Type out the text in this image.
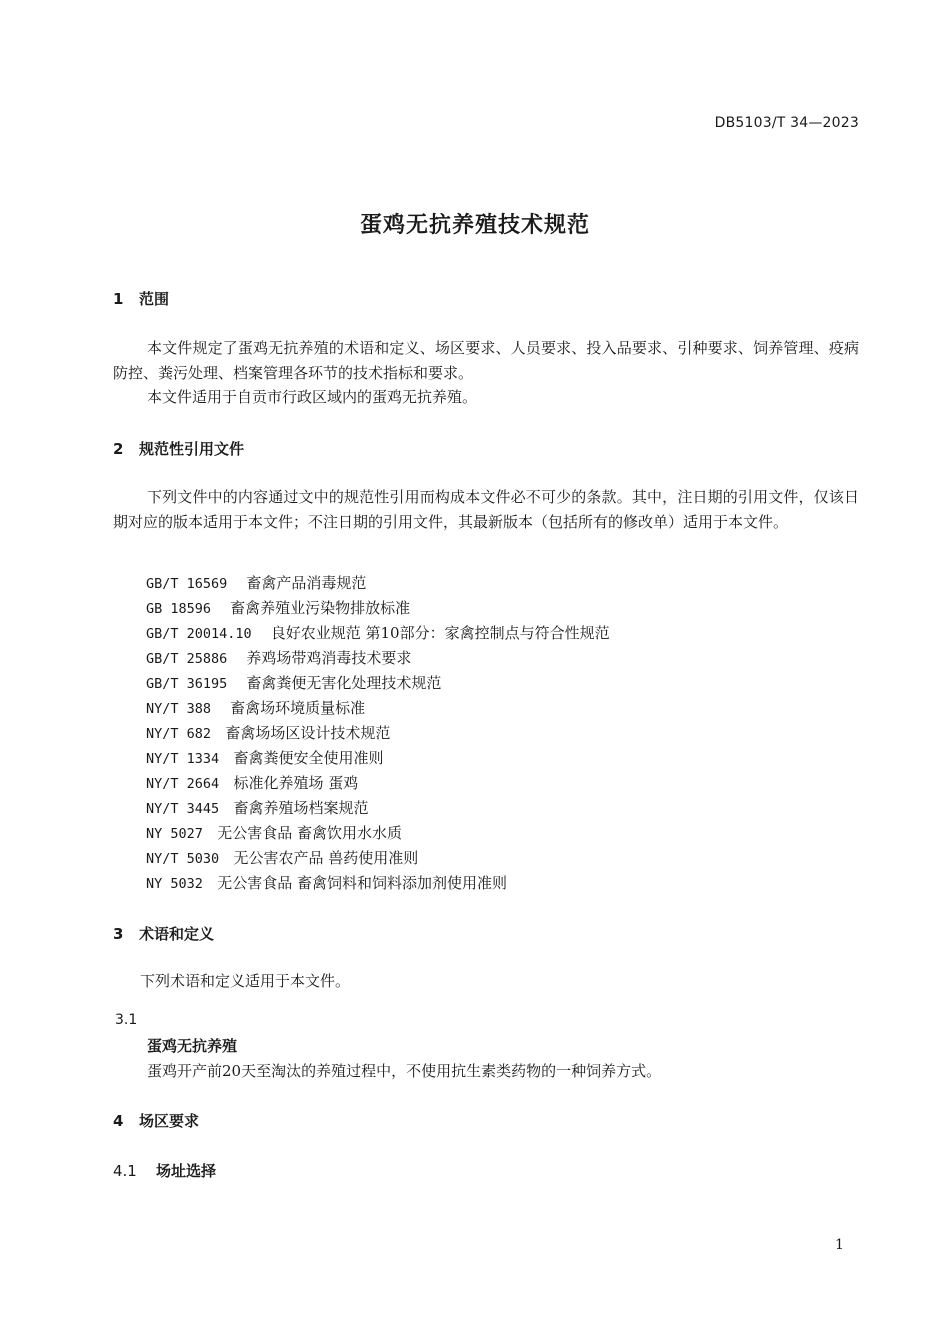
DB5103/T 34—2023
蛋鸡无抗养殖技术规范
1 范围
本文件规定了蛋鸡无抗养殖的术语和定义、场区要求、人员要求、投入品要求、引种要求、饲养管理、疫病防控、粪污处理、档案管理各环节的技术指标和要求。
本文件适用于自贡市行政区域内的蛋鸡无抗养殖。
2 规范性引用文件
下列文件中的内容通过文中的规范性引用而构成本文件必不可少的条款。其中，注日期的引用文件，仅该日期对应的版本适用于本文件；不注日期的引用文件，其最新版本（包括所有的修改单）适用于本文件。
GB/T 16569 畜禽产品消毒规范
GB 18596 畜禽养殖业污染物排放标准
GB/T 20014.10 良好农业规范 第10部分：家禽控制点与符合性规范
GB/T 25886 养鸡场带鸡消毒技术要求
GB/T 36195 畜禽粪便无害化处理技术规范
NY/T 388 畜禽场环境质量标准
NY/T 682 畜禽场场区设计技术规范
NY/T 1334 畜禽粪便安全使用准则
NY/T 2664 标准化养殖场 蛋鸡
NY/T 3445 畜禽养殖场档案规范
NY 5027 无公害食品 畜禽饮用水水质
NY/T 5030 无公害农产品 兽药使用准则
NY 5032 无公害食品 畜禽饲料和饲料添加剂使用准则
3 术语和定义
下列术语和定义适用于本文件。
3.1
蛋鸡无抗养殖
蛋鸡开产前20天至淘汰的养殖过程中，不使用抗生素类药物的一种饲养方式。
4 场区要求
4.1 场址选择
1
